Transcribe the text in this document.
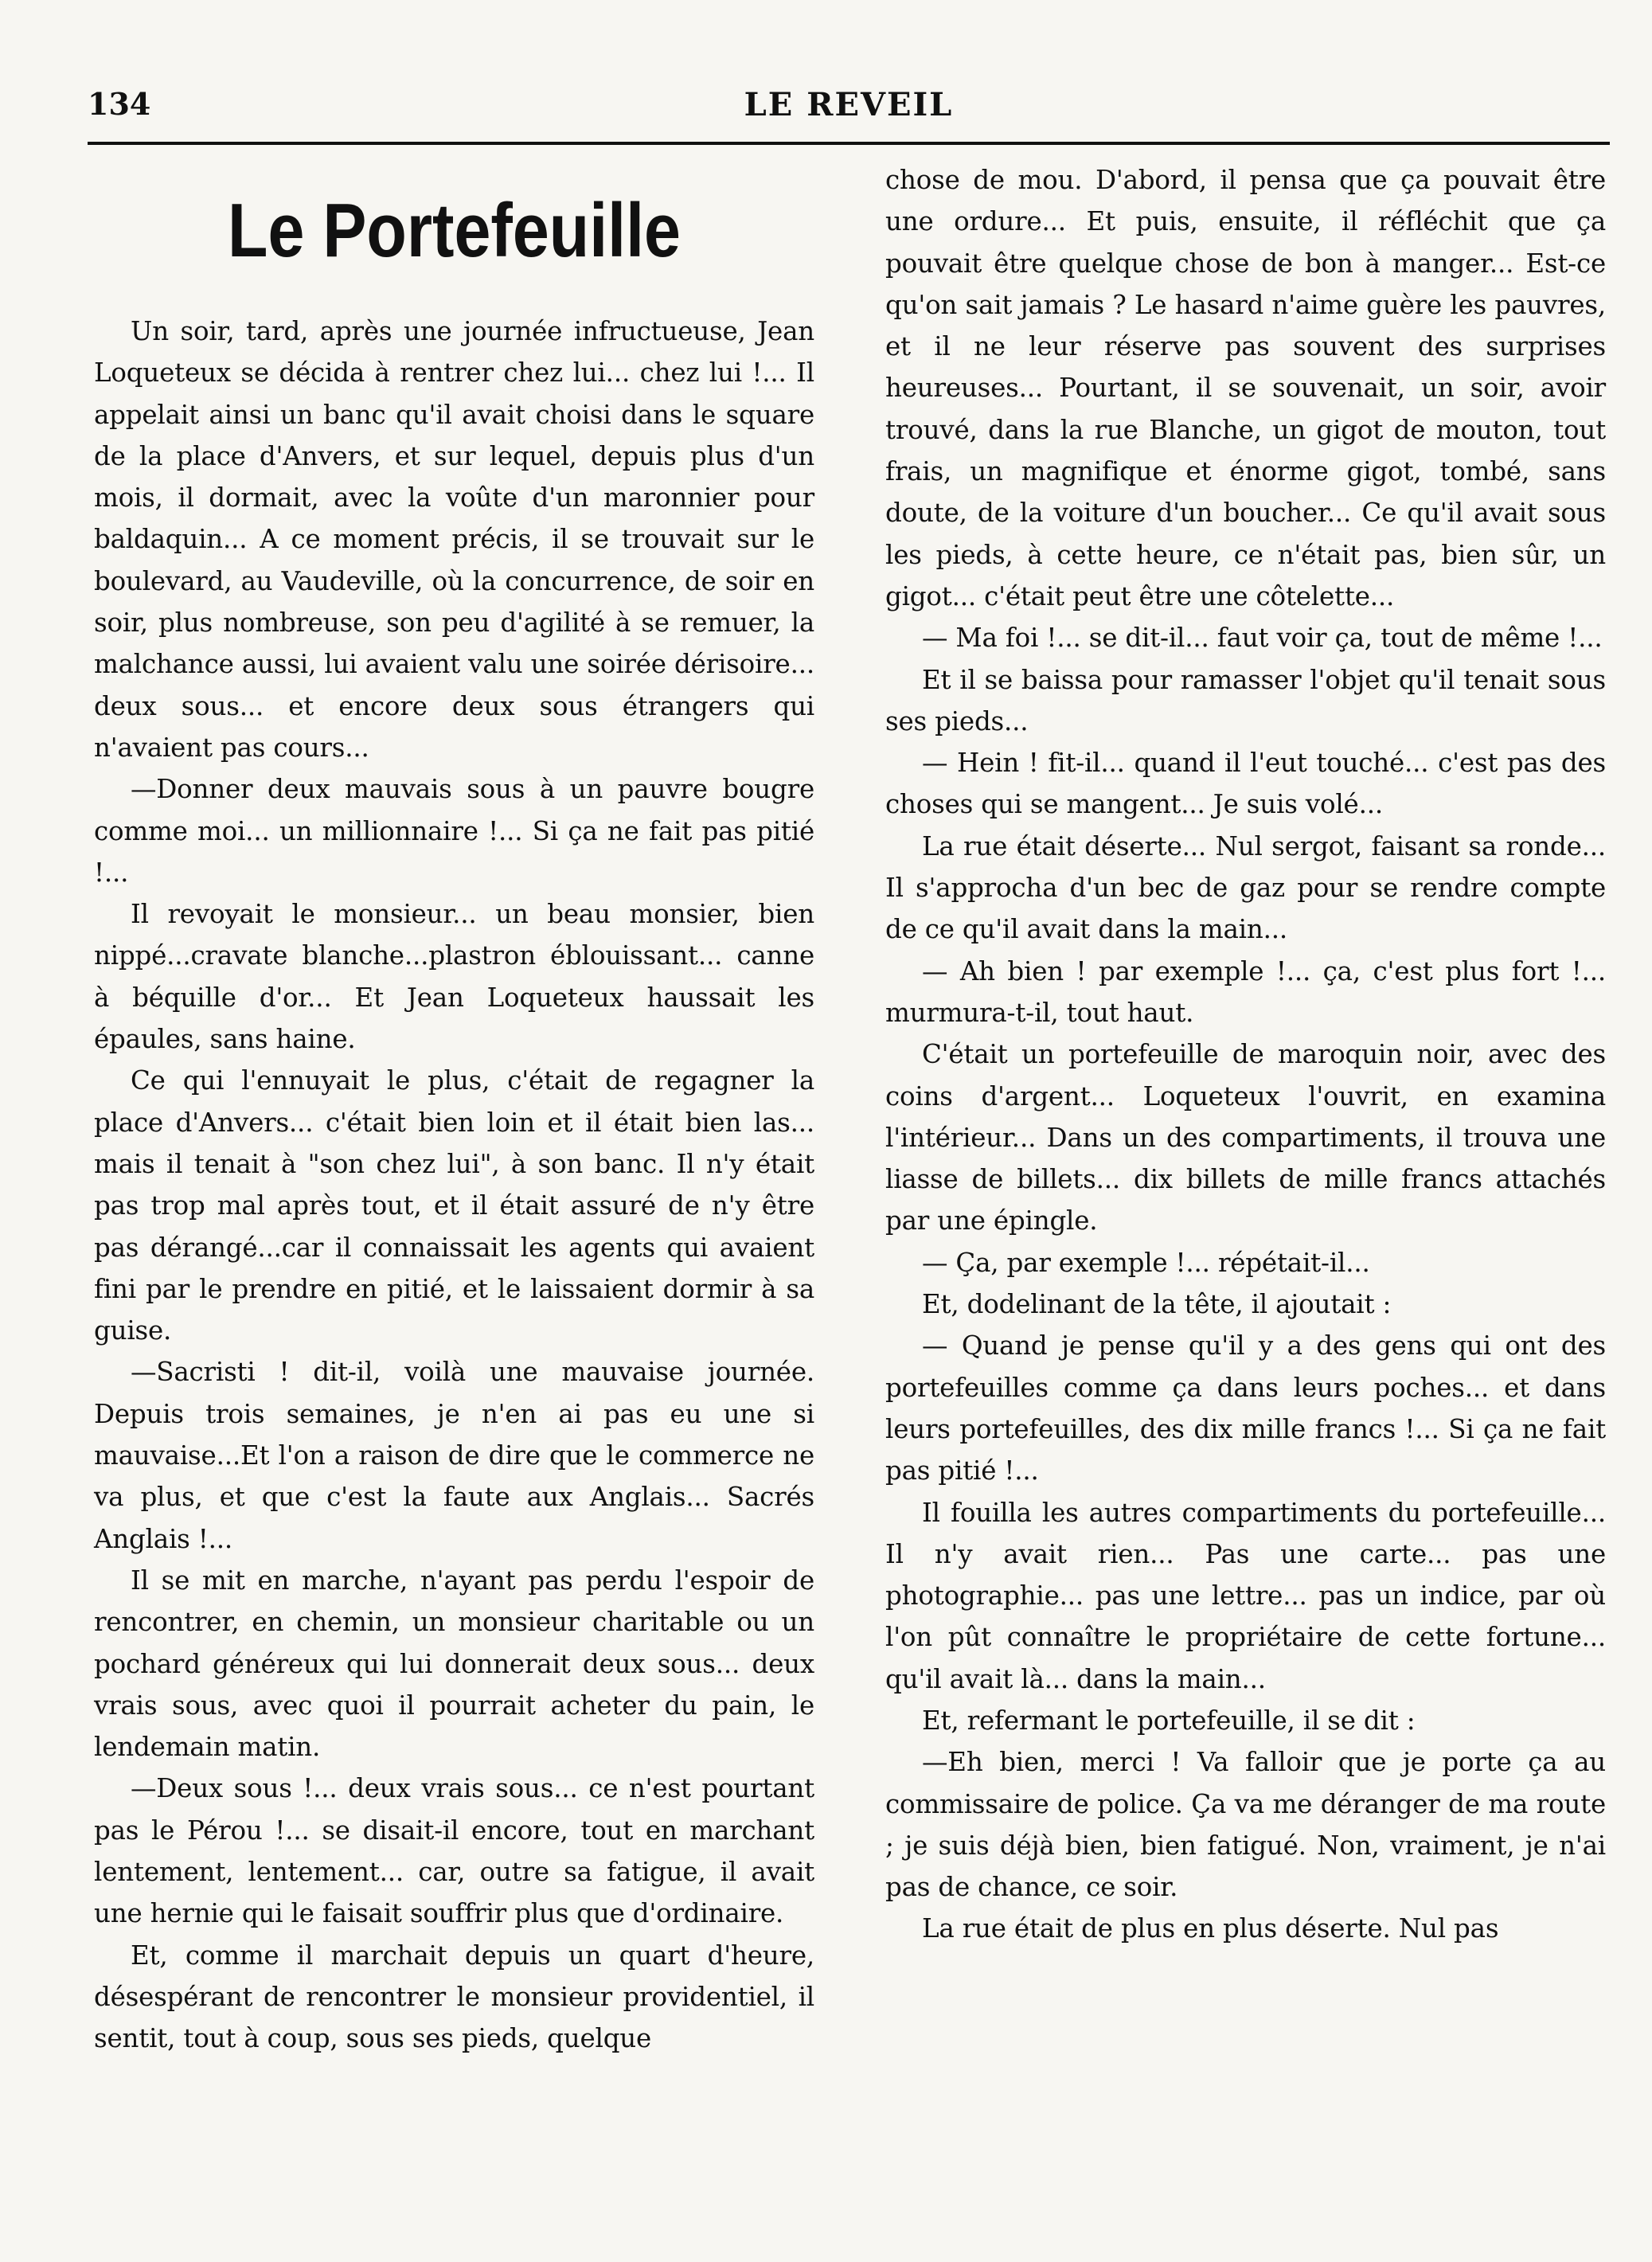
134	LE REVEIL
Le Portefeuille

Un soir, tard, après une journée infructueuse, Jean Loqueteux se décida à rentrer chez lui... chez lui !... Il appelait ainsi un banc qu'il avait choisi dans le square de la place d'Anvers, et sur lequel, depuis plus d'un mois, il dormait, avec la voûte d'un maronnier pour baldaquin... A ce moment précis, il se trouvait sur le boulevard, au Vaudeville, où la concurrence, de soir en soir, plus nombreuse, son peu d'agilité à se remuer, la malchance aussi, lui avaient valu une soirée dérisoire... deux sous... et encore deux sous étrangers qui n'avaient pas cours...

—Donner deux mauvais sous à un pauvre bougre comme moi... un millionnaire !... Si ça ne fait pas pitié !...

Il revoyait le monsieur... un beau monsier, bien nippé...cravate blanche...plastron éblouissant... canne à béquille d'or... Et Jean Loqueteux haussait les épaules, sans haine.

Ce qui l'ennuyait le plus, c'était de regagner la place d'Anvers... c'était bien loin et il était bien las... mais il tenait à "son chez lui", à son banc. Il n'y était pas trop mal après tout, et il était assuré de n'y être pas dérangé...car il connaissait les agents qui avaient fini par le prendre en pitié, et le laissaient dormir à sa guise.

—Sacristi ! dit-il, voilà une mauvaise journée. Depuis trois semaines, je n'en ai pas eu une si mauvaise...Et l'on a raison de dire que le commerce ne va plus, et que c'est la faute aux Anglais... Sacrés Anglais !...

Il se mit en marche, n'ayant pas perdu l'espoir de rencontrer, en chemin, un monsieur charitable ou un pochard généreux qui lui donnerait deux sous... deux vrais sous, avec quoi il pourrait acheter du pain, le lendemain matin.

—Deux sous !... deux vrais sous... ce n'est pourtant pas le Pérou !... se disait-il encore, tout en marchant lentement, lentement... car, outre sa fatigue, il avait une hernie qui le faisait souffrir plus que d'ordinaire.

Et, comme il marchait depuis un quart d'heure, désespérant de rencontrer le monsieur providentiel, il sentit, tout à coup, sous ses pieds, quelque

chose de mou. D'abord, il pensa que ça pouvait être une ordure... Et puis, ensuite, il réfléchit que ça pouvait être quelque chose de bon à manger... Est-ce qu'on sait jamais ? Le hasard n'aime guère les pauvres, et il ne leur réserve pas souvent des surprises heureuses... Pourtant, il se souvenait, un soir, avoir trouvé, dans la rue Blanche, un gigot de mouton, tout frais, un magnifique et énorme gigot, tombé, sans doute, de la voiture d'un boucher... Ce qu'il avait sous les pieds, à cette heure, ce n'était pas, bien sûr, un gigot... c'était peut être une côtelette...

— Ma foi !... se dit-il... faut voir ça, tout de même !...

Et il se baissa pour ramasser l'objet qu'il tenait sous ses pieds...

— Hein ! fit-il... quand il l'eut touché... c'est pas des choses qui se mangent... Je suis volé...

La rue était déserte... Nul sergot, faisant sa ronde... Il s'approcha d'un bec de gaz pour se rendre compte de ce qu'il avait dans la main...

— Ah bien ! par exemple !... ça, c'est plus fort !... murmura-t-il, tout haut.

C'était un portefeuille de maroquin noir, avec des coins d'argent... Loqueteux l'ouvrit, en examina l'intérieur... Dans un des compartiments, il trouva une liasse de billets... dix billets de mille francs attachés par une épingle.

— Ça, par exemple !... répétait-il...

Et, dodelinant de la tête, il ajoutait :

— Quand je pense qu'il y a des gens qui ont des portefeuilles comme ça dans leurs poches... et dans leurs portefeuilles, des dix mille francs !... Si ça ne fait pas pitié !...

Il fouilla les autres compartiments du portefeuille... Il n'y avait rien... Pas une carte... pas une photographie... pas une lettre... pas un indice, par où l'on pût connaître le propriétaire de cette fortune... qu'il avait là... dans la main...

Et, refermant le portefeuille, il se dit :

—Eh bien, merci ! Va falloir que je porte ça au commissaire de police. Ça va me déranger de ma route ; je suis déjà bien, bien fatigué. Non, vraiment, je n'ai pas de chance, ce soir.

La rue était de plus en plus déserte. Nul pas
